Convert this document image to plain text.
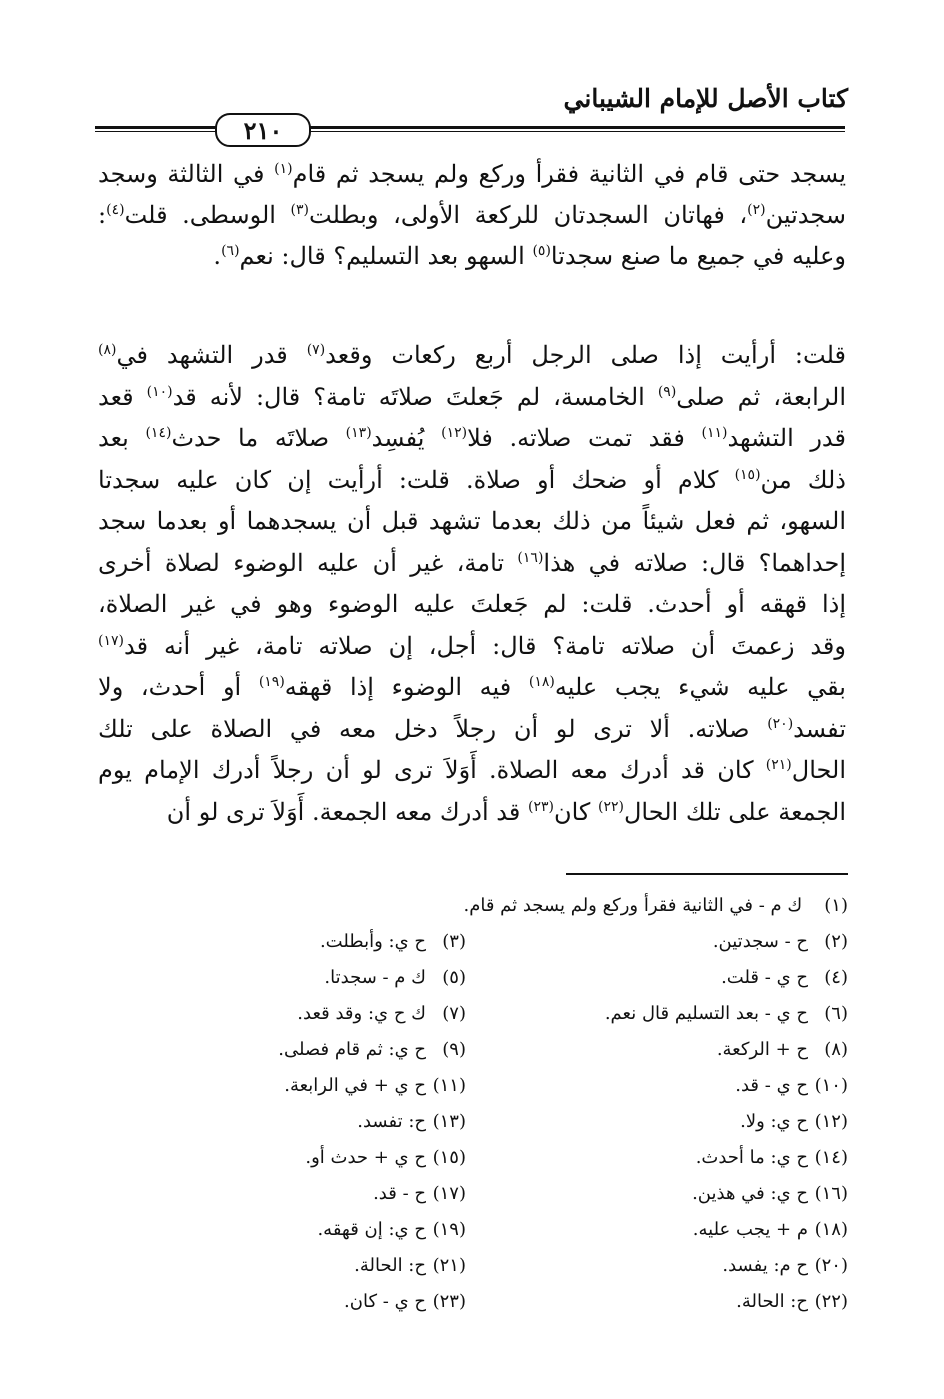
كتاب الأصل للإمام الشيباني
٢١٠
يسجد حتى قام في الثانية فقرأ وركع ولم يسجد ثم قام$^{(١)}$ في الثالثة وسجد
سجدتين$^{(٢)}$، فهاتان السجدتان للركعة الأولى، وبطلت$^{(٣)}$ الوسطى. قلت$^{(٤)}$:
وعليه في جميع ما صنع سجدتا$^{(٥)}$ السهو بعد التسليم؟ قال: نعم$^{(٦)}$.
قلت: أرأيت إذا صلى الرجل أربع ركعات وقعد$^{(٧)}$ قدر التشهد في$^{(٨)}$
الرابعة، ثم صلى$^{(٩)}$ الخامسة، لم جَعلتَ صلاتَه تامة؟ قال: لأنه قد$^{(١٠)}$ قعد
قدر التشهد$^{(١١)}$ فقد تمت صلاته. فلا$^{(١٢)}$ يُفسِد$^{(١٣)}$ صلاتَه ما حدث$^{(١٤)}$ بعد
ذلك من$^{(١٥)}$ كلام أو ضحك أو صلاة. قلت: أرأيت إن كان عليه سجدتا
السهو، ثم فعل شيئاً من ذلك بعدما تشهد قبل أن يسجدهما أو بعدما سجد
إحداهما؟ قال: صلاته في هذا$^{(١٦)}$ تامة، غير أن عليه الوضوء لصلاة أخرى
إذا قهقه أو أحدث. قلت: لم جَعلتَ عليه الوضوء وهو في غير الصلاة،
وقد زعمتَ أن صلاته تامة؟ قال: أجل، إن صلاته تامة، غير أنه قد$^{(١٧)}$
بقي عليه شيء يجب عليه$^{(١٨)}$ فيه الوضوء إذا قهقه$^{(١٩)}$ أو أحدث، ولا
تفسد$^{(٢٠)}$ صلاته. ألا ترى لو أن رجلاً دخل معه في الصلاة على تلك
الحال$^{(٢١)}$ كان قد أدرك معه الصلاة. أَوَلاَ ترى لو أن رجلاً أدرك الإمام يوم
الجمعة على تلك الحال$^{(٢٢)}$ كان$^{(٢٣)}$ قد أدرك معه الجمعة. أَوَلاَ ترى لو أن
(١) ك م - في الثانية فقرأ وركع ولم يسجد ثم قام.
(٢)ح - سجدتين.
(٣)ح ي: وأبطلت.
(٤)ح ي - قلت.
(٥)ك م - سجدتا.
(٦)ح ي - بعد التسليم قال نعم.
(٧)ك ح ي: وقد قعد.
(٨)ح + الركعة.
(٩)ح ي: ثم قام فصلى.
(١٠)ح ي - قد.
(١١)ح ي + في الرابعة.
(١٢)ح ي: ولا.
(١٣)ح: تفسد.
(١٤)ح ي: ما أحدث.
(١٥)ح ي + حدث أو.
(١٦)ح ي: في هذين.
(١٧)ح - قد.
(١٨)م + يجب عليه.
(١٩)ح ي: إن قهقه.
(٢٠)ح م: يفسد.
(٢١)ح: الحالة.
(٢٢)ح: الحالة.
(٢٣)ح ي - كان.
